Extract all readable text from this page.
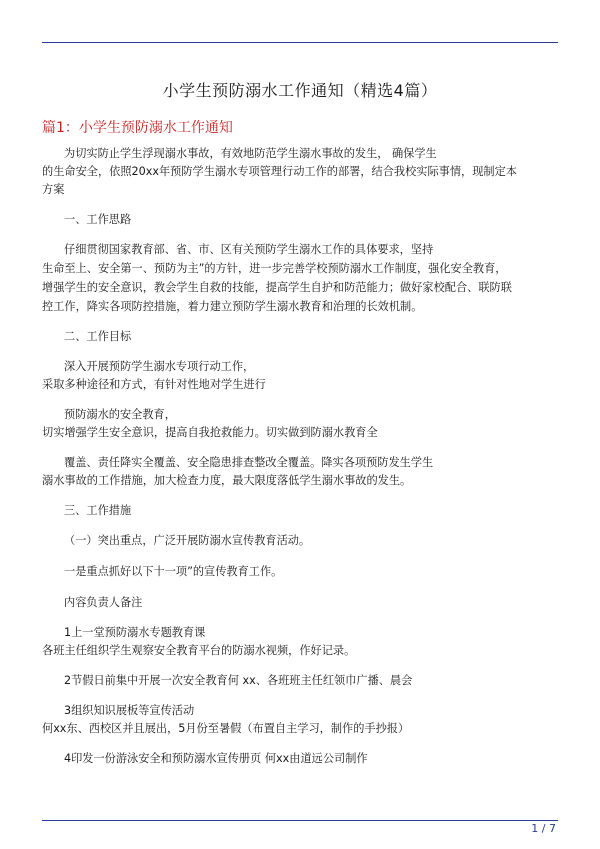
小学生预防溺水工作通知（精选4篇）
篇1：小学生预防溺水工作通知
为切实防止学生浮现溺水事故，有效地防范学生溺水事故的发生， 确保学生
的生命安全，依照20xx年预防学生溺水专项管理行动工作的部署，结合我校实际事情，现制定本
方案
一、工作思路
仔细贯彻国家教育部、省、市、区有关预防学生溺水工作的具体要求，坚持
生命至上、安全第一、预防为主”的方针，进一步完善学校预防溺水工作制度，强化安全教育，
增强学生的安全意识，教会学生自救的技能，提高学生自护和防范能力；做好家校配合、联防联
控工作，降实各项防控措施，着力建立预防学生溺水教育和治理的长效机制。
二、工作目标
深入开展预防学生溺水专项行动工作，
采取多种途径和方式，有针对性地对学生进行
预防溺水的安全教育，
切实增强学生安全意识，提高自我抢救能力。切实做到防溺水教育全
覆盖、责任降实全覆盖、安全隐患排查整改全覆盖。降实各项预防发生学生
溺水事故的工作措施，加大检查力度，最大限度落低学生溺水事故的发生。
三、工作措施
（一）突出重点，广泛开展防溺水宣传教育活动。
一是重点抓好以下十一项”的宣传教育工作。
内容负责人备注
1上一堂预防溺水专题教育课
各班主任组织学生观察安全教育平台的防溺水视频，作好记录。
2节假日前集中开展一次安全教育何 xx、各班班主任红领巾广播、晨会
3组织知识展板等宣传活动
何xx东、西校区并且展出，5月份至暑假（布置自主学习，制作的手抄报）
4印发一份游泳安全和预防溺水宣传册页 何xx由道远公司制作
1 / 7
